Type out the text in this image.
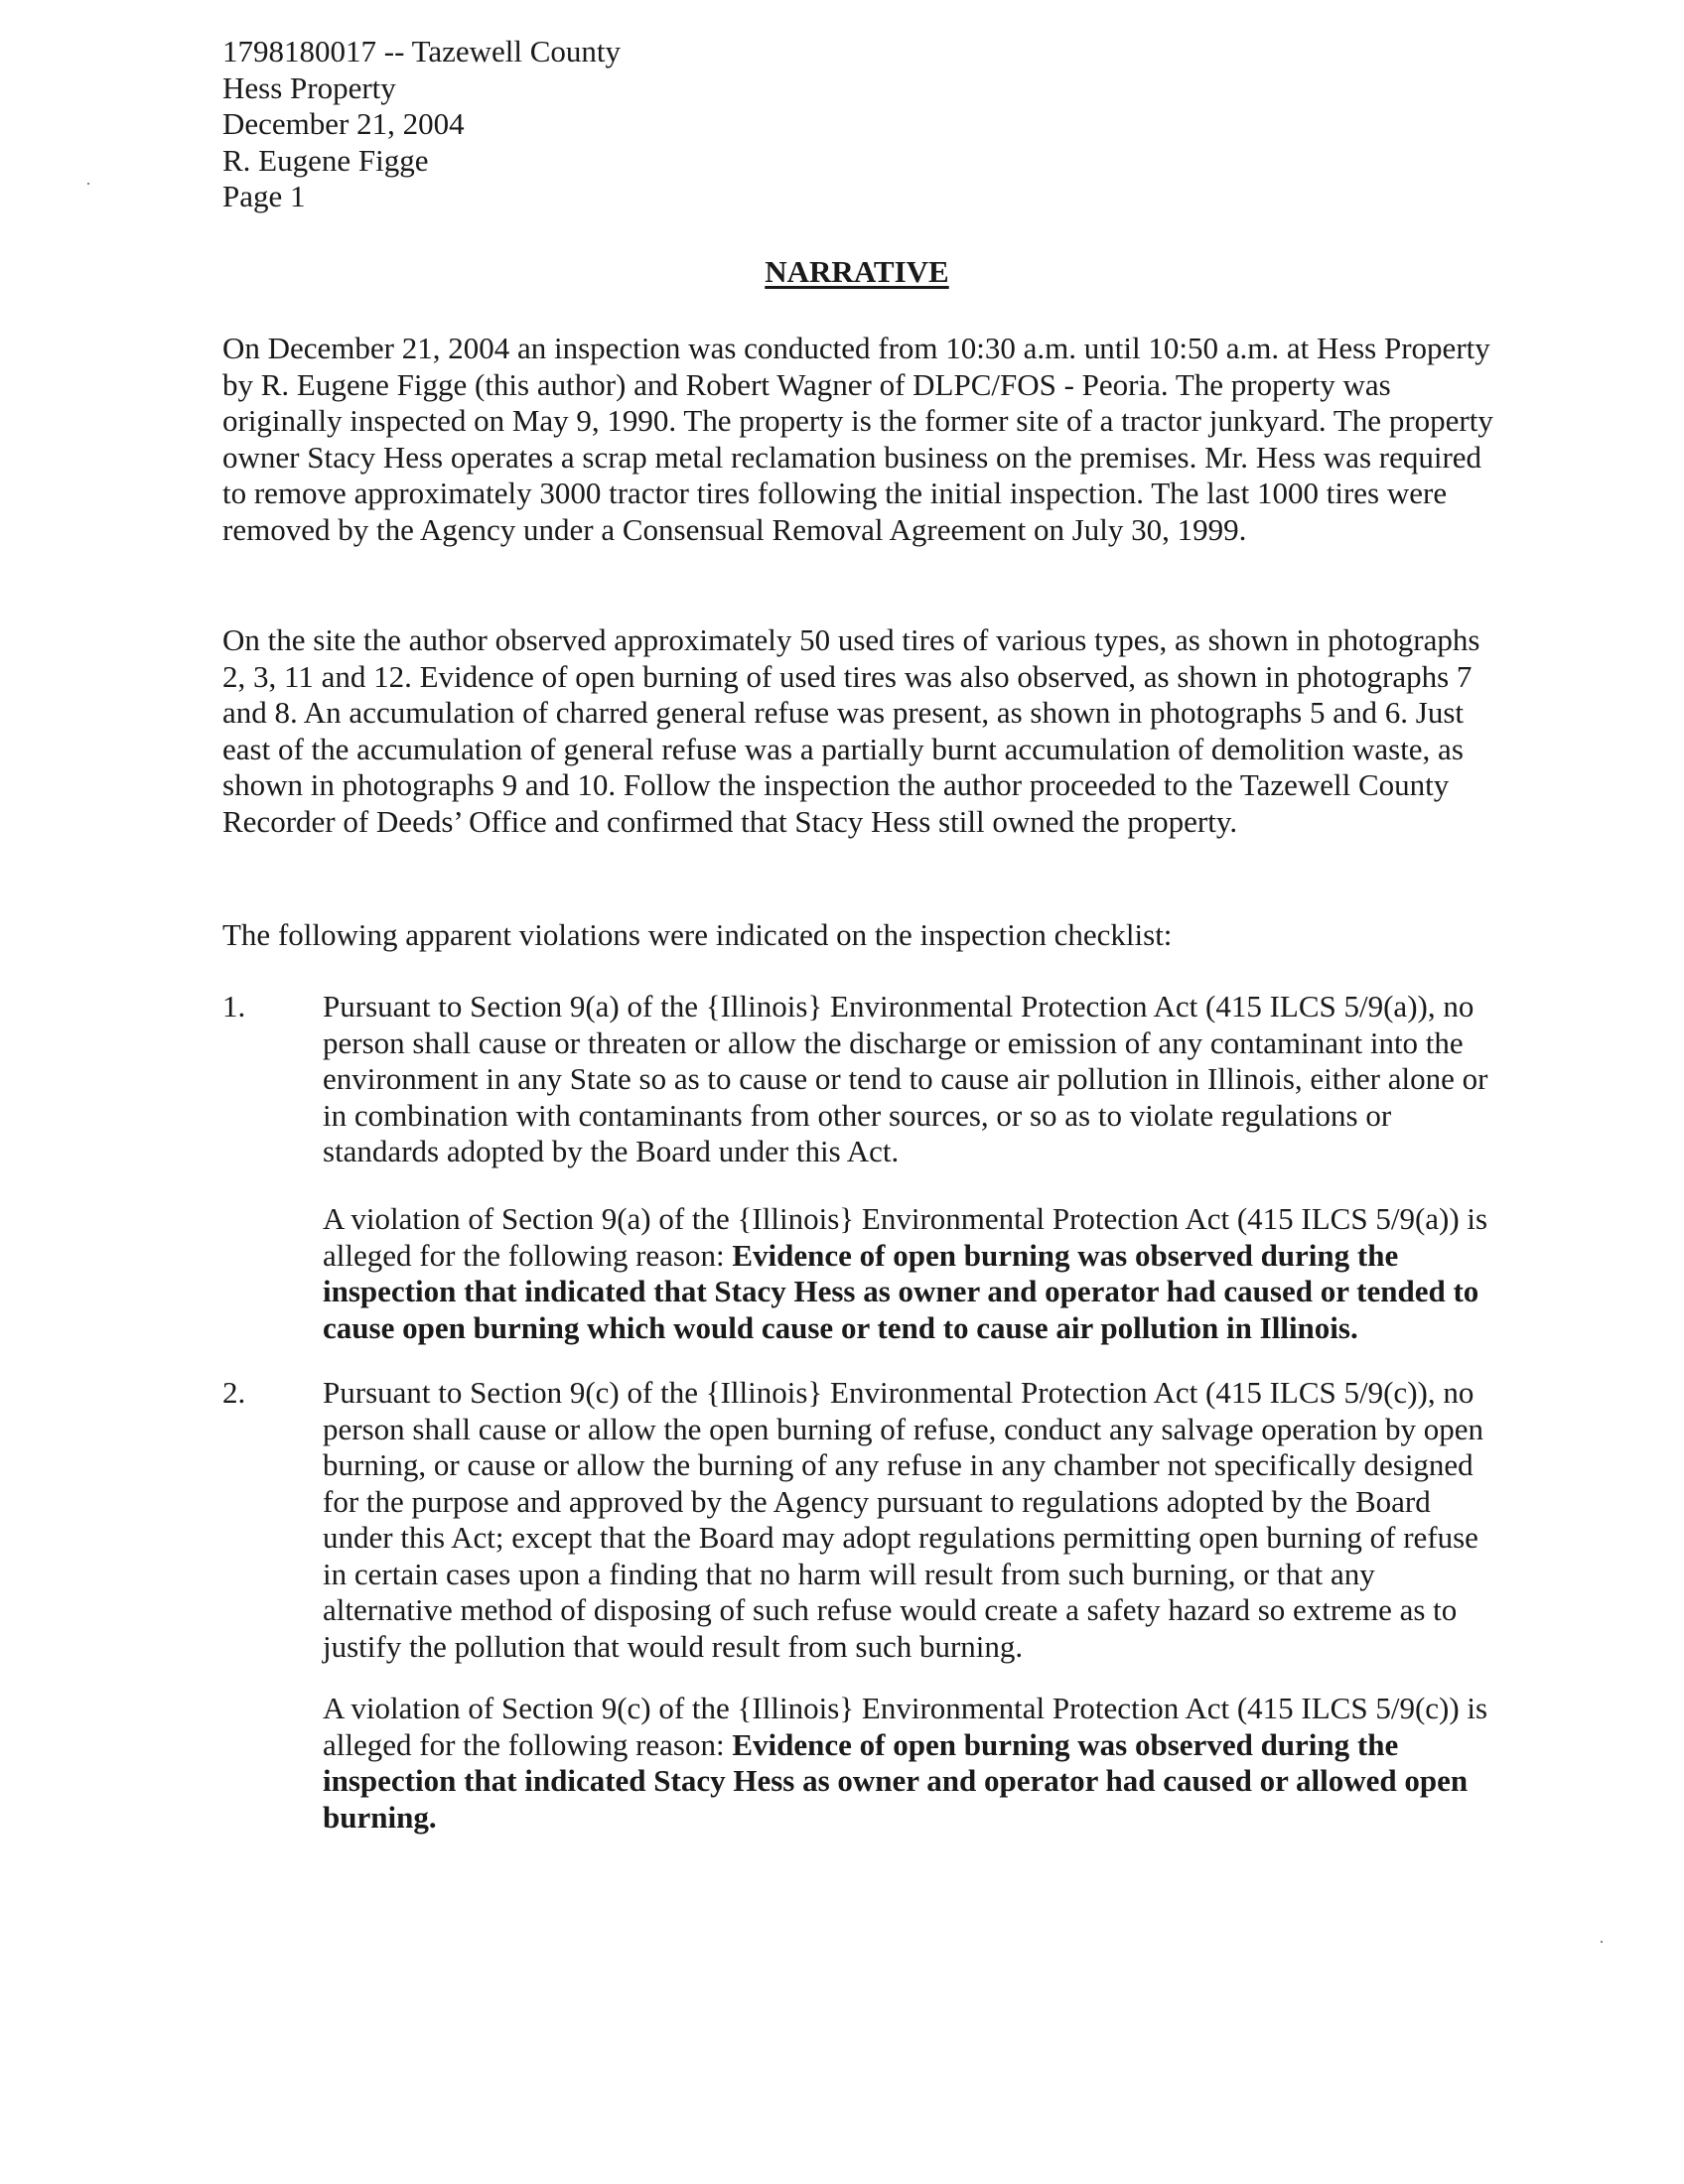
1798180017 -- Tazewell County
Hess Property
December 21, 2004
R. Eugene Figge
Page 1
NARRATIVE

On December 21, 2004 an inspection was conducted from 10:30 a.m. until 10:50 a.m. at Hess Property by R. Eugene Figge (this author) and Robert Wagner of DLPC/FOS - Peoria. The property was originally inspected on May 9, 1990. The property is the former site of a tractor junkyard. The property owner Stacy Hess operates a scrap metal reclamation business on the premises. Mr. Hess was required to remove approximately 3000 tractor tires following the initial inspection. The last 1000 tires were removed by the Agency under a Consensual Removal Agreement on July 30, 1999.

On the site the author observed approximately 50 used tires of various types, as shown in photographs 2, 3, 11 and 12. Evidence of open burning of used tires was also observed, as shown in photographs 7 and 8. An accumulation of charred general refuse was present, as shown in photographs 5 and 6. Just east of the accumulation of general refuse was a partially burnt accumulation of demolition waste, as shown in photographs 9 and 10. Follow the inspection the author proceeded to the Tazewell County Recorder of Deeds’ Office and confirmed that Stacy Hess still owned the property.

The following apparent violations were indicated on the inspection checklist:

1.	Pursuant to Section 9(a) of the {Illinois} Environmental Protection Act (415 ILCS 5/9(a)), no person shall cause or threaten or allow the discharge or emission of any contaminant into the environment in any State so as to cause or tend to cause air pollution in Illinois, either alone or in combination with contaminants from other sources, or so as to violate regulations or standards adopted by the Board under this Act.

A violation of Section 9(a) of the {Illinois} Environmental Protection Act (415 ILCS 5/9(a)) is alleged for the following reason: Evidence of open burning was observed during the inspection that indicated that Stacy Hess as owner and operator had caused or tended to cause open burning which would cause or tend to cause air pollution in Illinois.

2.	Pursuant to Section 9(c) of the {Illinois} Environmental Protection Act (415 ILCS 5/9(c)), no person shall cause or allow the open burning of refuse, conduct any salvage operation by open burning, or cause or allow the burning of any refuse in any chamber not specifically designed for the purpose and approved by the Agency pursuant to regulations adopted by the Board under this Act; except that the Board may adopt regulations permitting open burning of refuse in certain cases upon a finding that no harm will result from such burning, or that any alternative method of disposing of such refuse would create a safety hazard so extreme as to justify the pollution that would result from such burning.

A violation of Section 9(c) of the {Illinois} Environmental Protection Act (415 ILCS 5/9(c)) is alleged for the following reason: Evidence of open burning was observed during the inspection that indicated Stacy Hess as owner and operator had caused or allowed open burning.
